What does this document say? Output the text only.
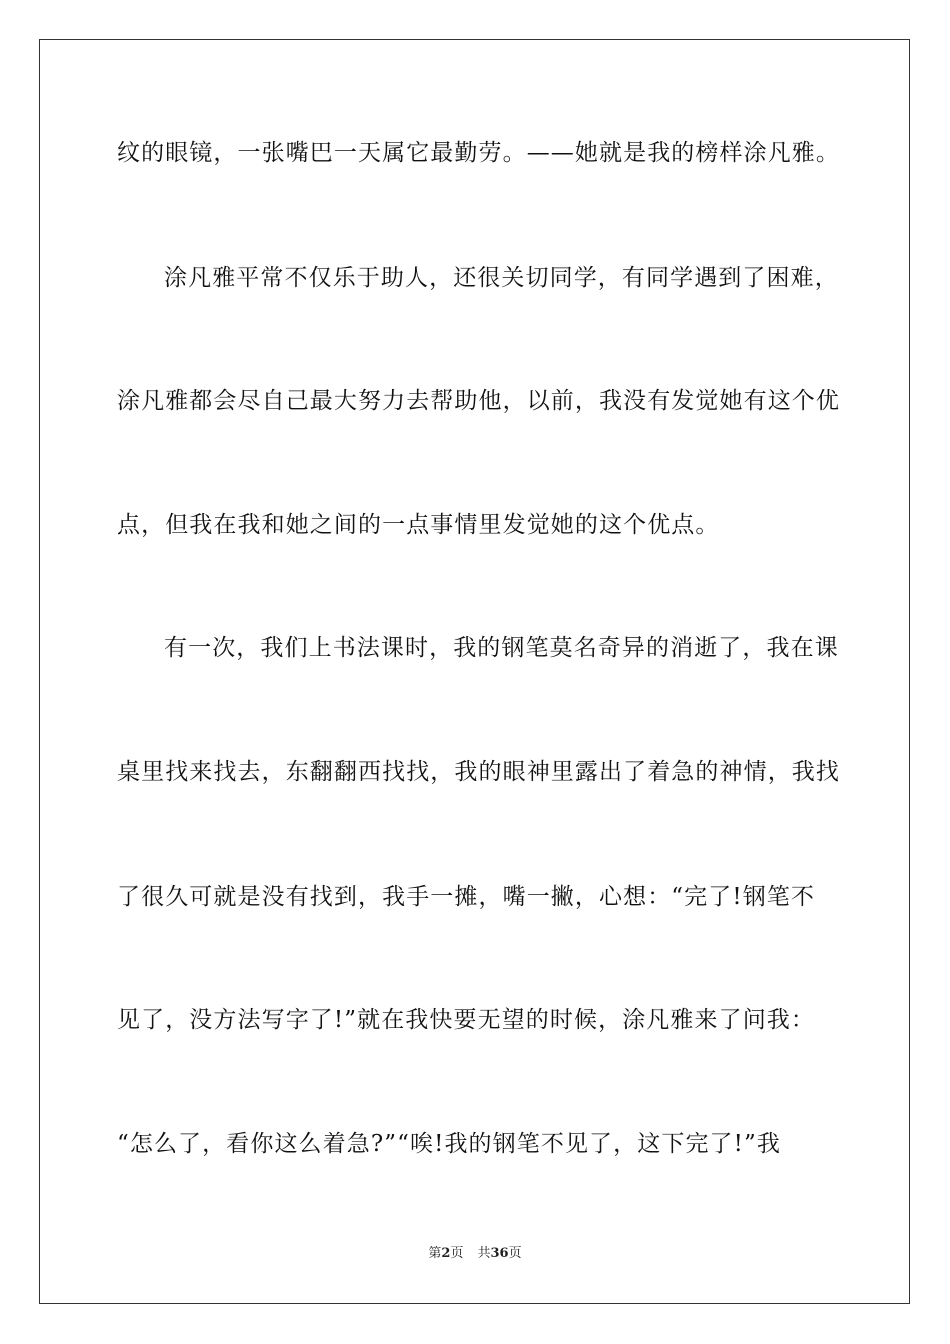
纹的眼镜，一张嘴巴一天属它最勤劳。——她就是我的榜样涂凡雅。
涂凡雅平常不仅乐于助人，还很关切同学，有同学遇到了困难，
涂凡雅都会尽自己最大努力去帮助他，以前，我没有发觉她有这个优
点，但我在我和她之间的一点事情里发觉她的这个优点。
有一次，我们上书法课时，我的钢笔莫名奇异的消逝了，我在课
桌里找来找去，东翻翻西找找，我的眼神里露出了着急的神情，我找
了很久可就是没有找到，我手一摊，嘴一撇，心想：“完了!钢笔不
见了，没方法写字了!”就在我快要无望的时候，涂凡雅来了问我：
“怎么了，看你这么着急?”“唉!我的钢笔不见了，这下完了!”我
第2页 共36页
